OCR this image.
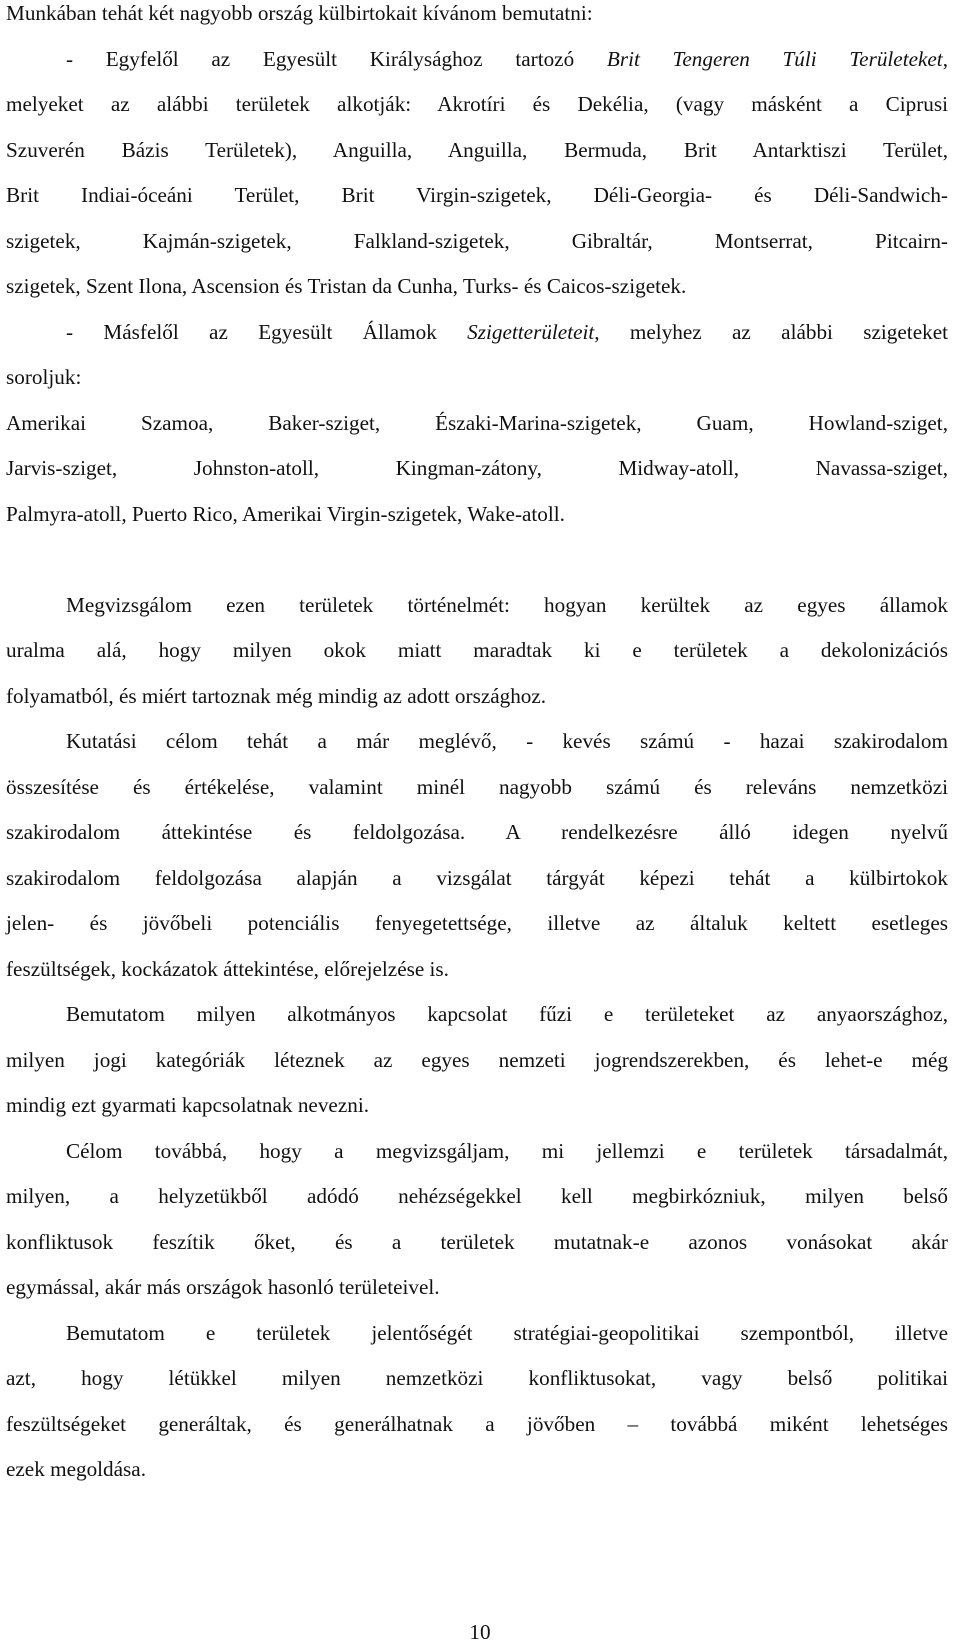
Munkában tehát két nagyobb ország külbirtokait kívánom bemutatni:
- Egyfelől az Egyesült Királysághoz tartozó Brit Tengeren Túli Területeket,
melyeket az alábbi területek alkotják: Akrotíri és Dekélia, (vagy másként a Ciprusi
Szuverén Bázis Területek), Anguilla, Anguilla, Bermuda, Brit Antarktiszi Terület,
Brit Indiai-óceáni Terület, Brit Virgin-szigetek, Déli-Georgia- és Déli-Sandwich-
szigetek, Kajmán-szigetek, Falkland-szigetek, Gibraltár, Montserrat, Pitcairn-
szigetek, Szent Ilona, Ascension és Tristan da Cunha, Turks- és Caicos-szigetek.
- Másfelől az Egyesült Államok Szigetterületeit, melyhez az alábbi szigeteket
soroljuk:
Amerikai Szamoa, Baker-sziget, Északi-Marina-szigetek, Guam, Howland-sziget,
Jarvis-sziget, Johnston-atoll, Kingman-zátony, Midway-atoll, Navassa-sziget,
Palmyra-atoll, Puerto Rico, Amerikai Virgin-szigetek, Wake-atoll.
Megvizsgálom ezen területek történelmét: hogyan kerültek az egyes államok
uralma alá, hogy milyen okok miatt maradtak ki e területek a dekolonizációs
folyamatból, és miért tartoznak még mindig az adott országhoz.
Kutatási célom tehát a már meglévő, - kevés számú - hazai szakirodalom
összesítése és értékelése, valamint minél nagyobb számú és releváns nemzetközi
szakirodalom áttekintése és feldolgozása. A rendelkezésre álló idegen nyelvű
szakirodalom feldolgozása alapján a vizsgálat tárgyát képezi tehát a külbirtokok
jelen- és jövőbeli potenciális fenyegetettsége, illetve az általuk keltett esetleges
feszültségek, kockázatok áttekintése, előrejelzése is.
Bemutatom milyen alkotmányos kapcsolat fűzi e területeket az anyaországhoz,
milyen jogi kategóriák léteznek az egyes nemzeti jogrendszerekben, és lehet-e még
mindig ezt gyarmati kapcsolatnak nevezni.
Célom továbbá, hogy a megvizsgáljam, mi jellemzi e területek társadalmát,
milyen, a helyzetükből adódó nehézségekkel kell megbirkózniuk, milyen belső
konfliktusok feszítik őket, és a területek mutatnak-e azonos vonásokat akár
egymással, akár más országok hasonló területeivel.
Bemutatom e területek jelentőségét stratégiai-geopolitikai szempontból, illetve
azt, hogy létükkel milyen nemzetközi konfliktusokat, vagy belső politikai
feszültségeket generáltak, és generálhatnak a jövőben – továbbá miként lehetséges
ezek megoldása.
10
